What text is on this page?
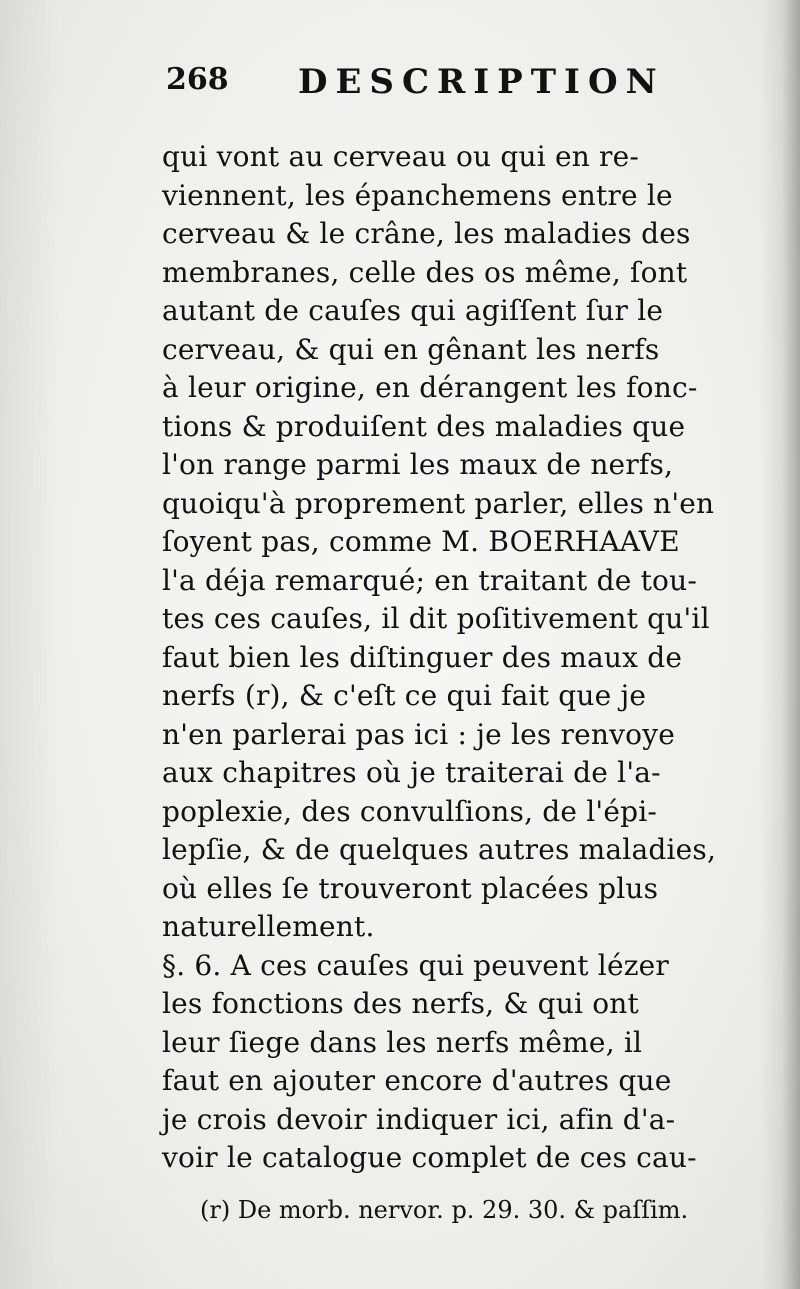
268 DESCRIPTION
qui vont au cerveau ou qui en re-
viennent, les épanchemens entre le
cerveau & le crâne, les maladies des
membranes, celle des os même, ſont
autant de cauſes qui agiſſent ſur le
cerveau, & qui en gênant les nerfs
à leur origine, en dérangent les fonc-
tions & produiſent des maladies que
l'on range parmi les maux de nerfs,
quoiqu'à proprement parler, elles n'en
ſoyent pas, comme M. BOERHAAVE
l'a déja remarqué; en traitant de tou-
tes ces cauſes, il dit poſitivement qu'il
faut bien les diſtinguer des maux de
nerfs (r), & c'eſt ce qui fait que je
n'en parlerai pas ici : je les renvoye
aux chapitres où je traiterai de l'a-
poplexie, des convulſions, de l'épi-
lepſie, & de quelques autres maladies,
où elles ſe trouveront placées plus
naturellement.
§. 6. A ces cauſes qui peuvent lézer
les fonctions des nerfs, & qui ont
leur ſiege dans les nerfs même, il
faut en ajouter encore d'autres que
je crois devoir indiquer ici, afin d'a-
voir le catalogue complet de ces cau-
(r) De morb. nervor. p. 29. 30. & paſſim.
